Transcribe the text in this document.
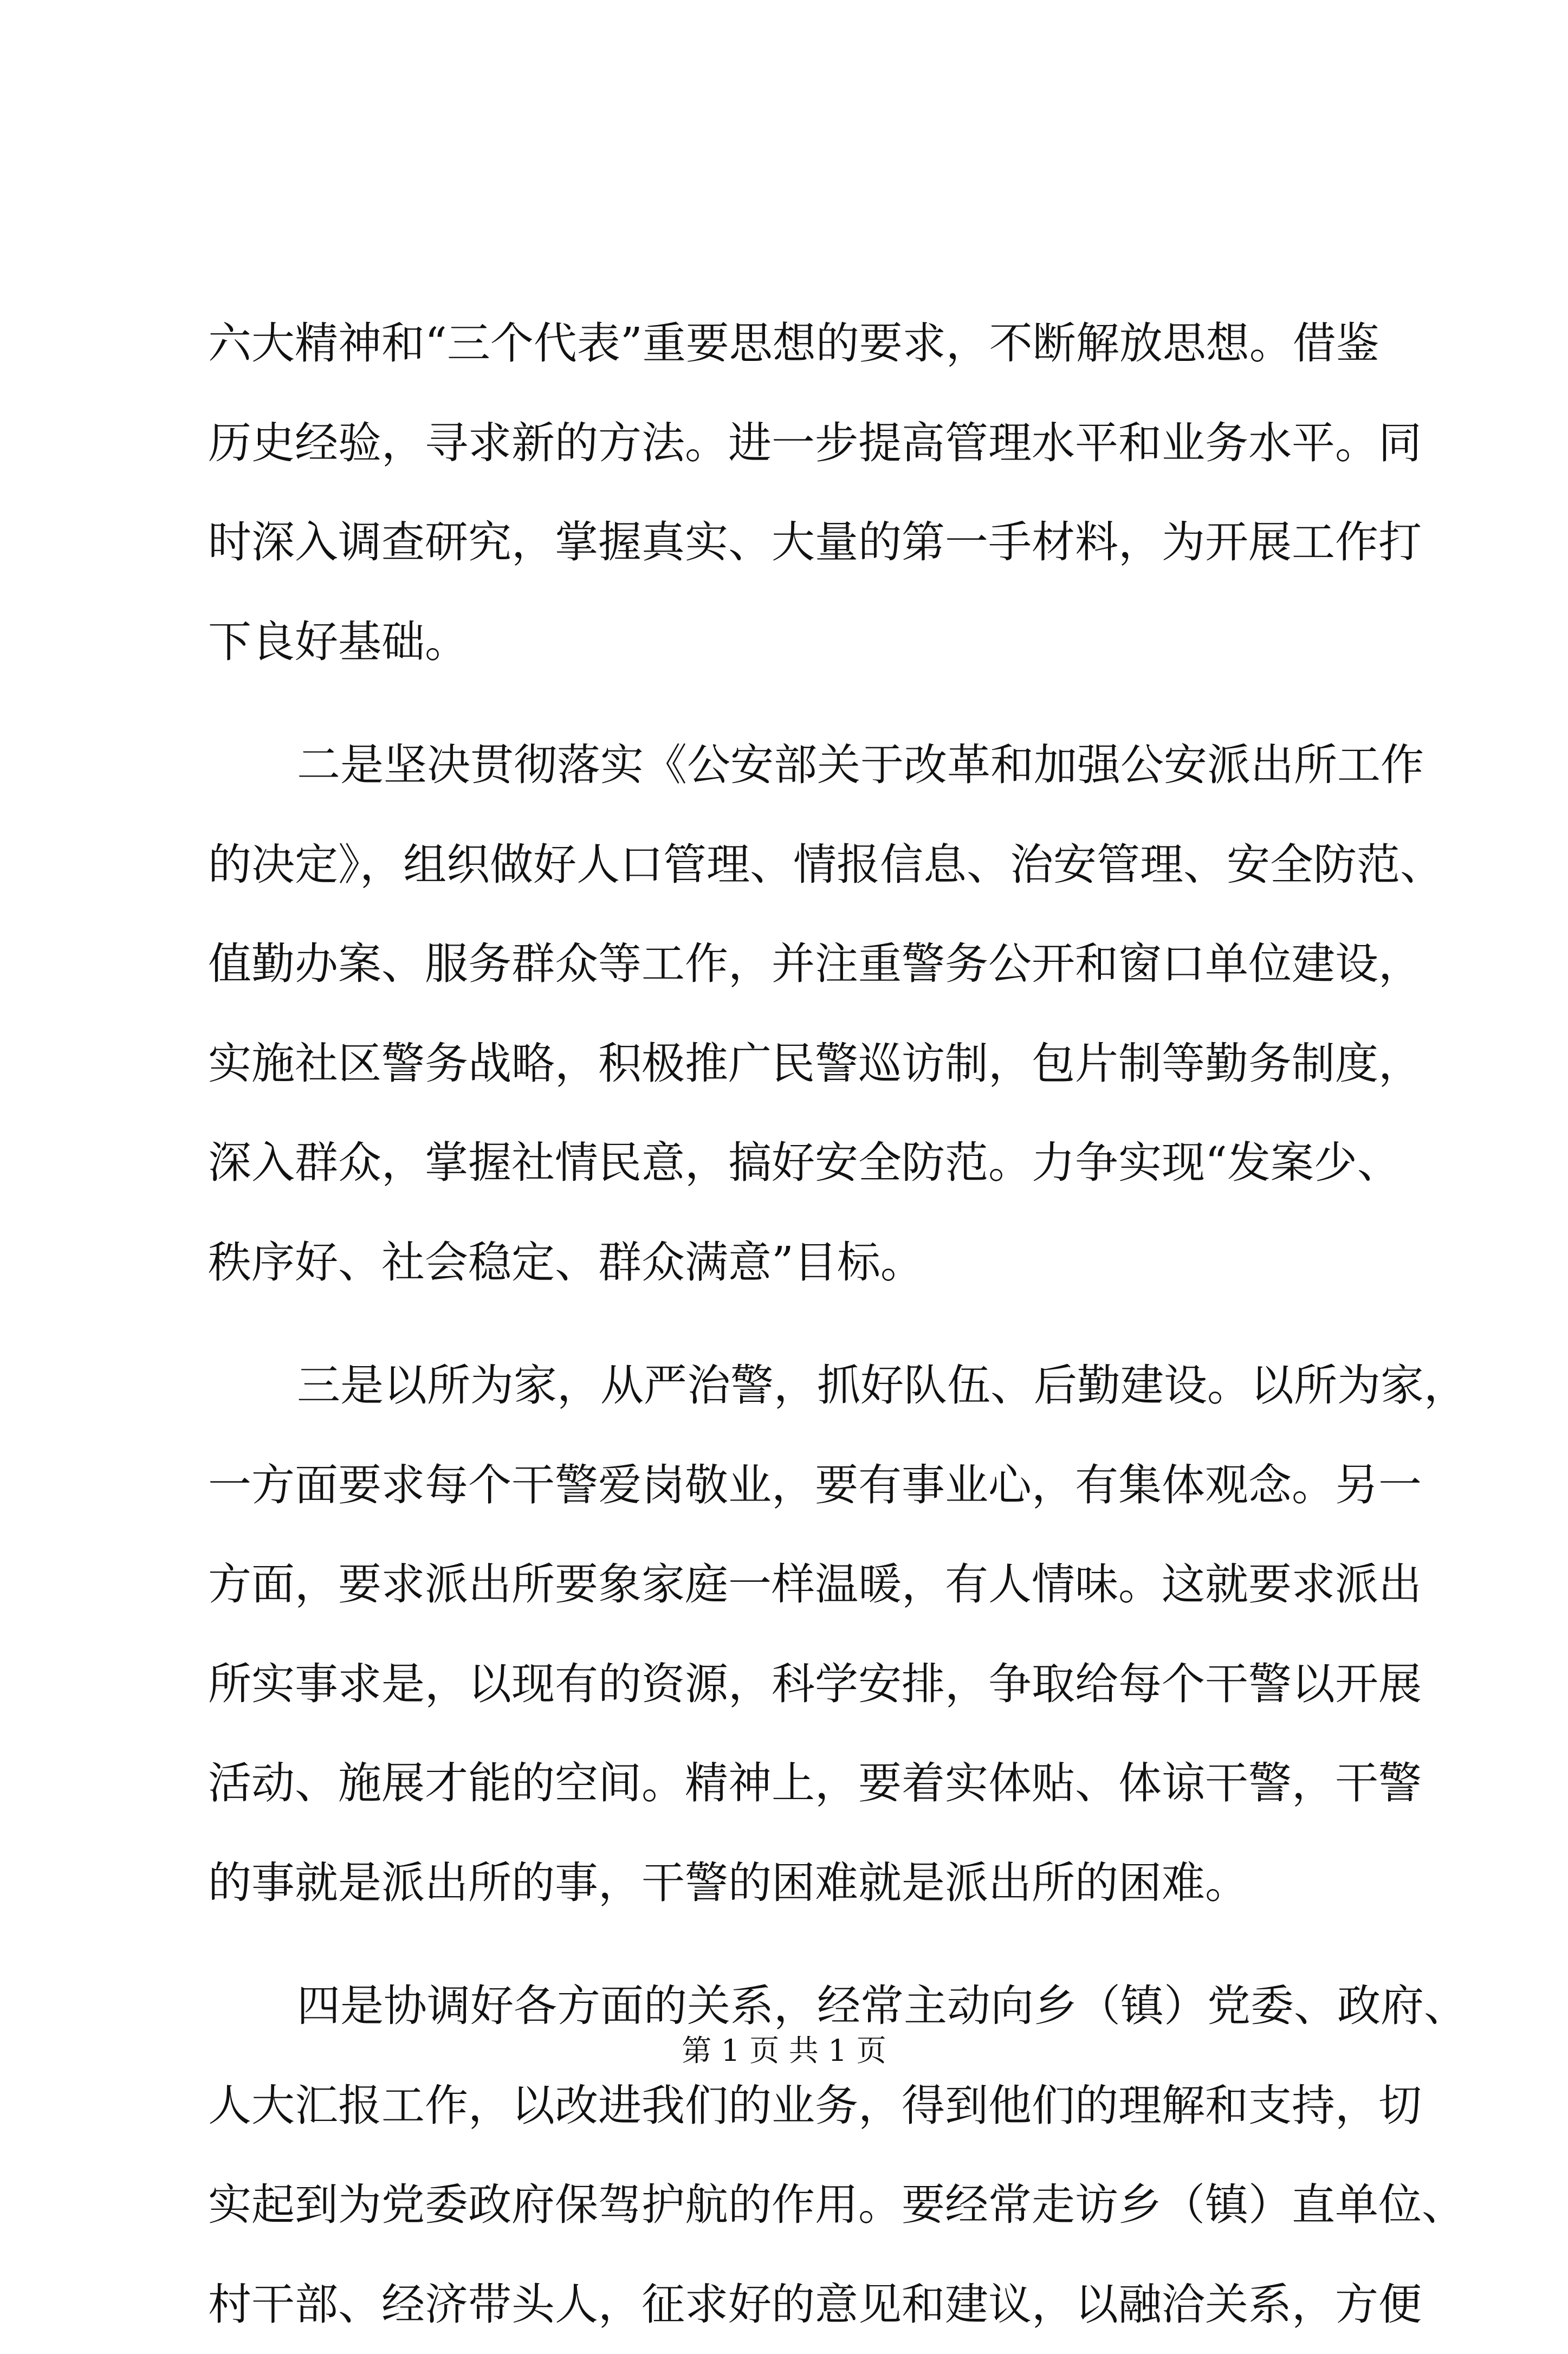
六大精神和“三个代表”重要思想的要求，不断解放思想。借鉴
历史经验，寻求新的方法。进一步提高管理水平和业务水平。同
时深入调查研究，掌握真实、大量的第一手材料，为开展工作打
下良好基础。
二是坚决贯彻落实《公安部关于改革和加强公安派出所工作
的决定》，组织做好人口管理、情报信息、治安管理、安全防范、
值勤办案、服务群众等工作，并注重警务公开和窗口单位建设，
实施社区警务战略，积极推广民警巡访制，包片制等勤务制度，
深入群众，掌握社情民意，搞好安全防范。力争实现“发案少、
秩序好、社会稳定、群众满意”目标。
三是以所为家，从严治警，抓好队伍、后勤建设。以所为家，
一方面要求每个干警爱岗敬业，要有事业心，有集体观念。另一
方面，要求派出所要象家庭一样温暖，有人情味。这就要求派出
所实事求是，以现有的资源，科学安排，争取给每个干警以开展
活动、施展才能的空间。精神上，要着实体贴、体谅干警，干警
的事就是派出所的事，干警的困难就是派出所的困难。
四是协调好各方面的关系，经常主动向乡（镇）党委、政府、
人大汇报工作，以改进我们的业务，得到他们的理解和支持，切
实起到为党委政府保驾护航的作用。要经常走访乡（镇）直单位、
村干部、经济带头人，征求好的意见和建议，以融洽关系，方便
第 1 页 共 1 页
